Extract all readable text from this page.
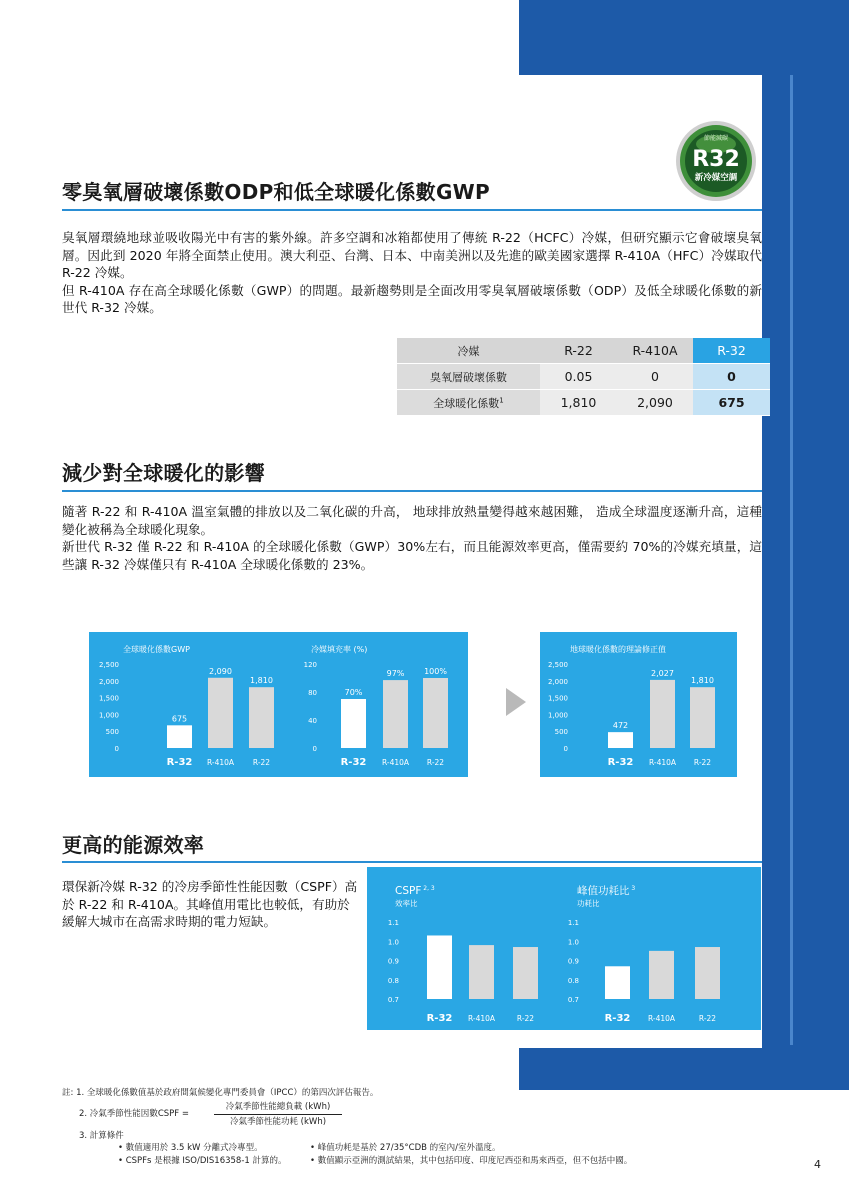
節能減碳
R32
新冷媒空調
零臭氧層破壞係數ODP和低全球暖化係數GWP

臭氧層環繞地球並吸收陽光中有害的紫外線。許多空調和冰箱都使用了傳統 R-22（HCFC）冷媒，但研究顯示它會破壞臭氧層。因此到 2020 年將全面禁止使用。澳大利亞、台灣、日本、中南美洲以及先進的歐美國家選擇 R-410A（HFC）冷媒取代 R-22 冷媒。

但 R-410A 存在高全球暖化係數（GWP）的問題。最新趨勢則是全面改用零臭氧層破壞係數（ODP）及低全球暖化係數的新世代 R-32 冷媒。

冷媒	R-22	R-410A	R-32
臭氧層破壞係數	0.05	0	0
全球暖化係數$^1$	1,810	2,090	675
減少對全球暖化的影響

隨著 R-22 和 R-410A 溫室氣體的排放以及二氧化碳的升高， 地球排放熱量變得越來越困難， 造成全球溫度逐漸升高，這種變化被稱為全球暖化現象。

新世代 R-32 僅 R-22 和 R-410A 的全球暖化係數（GWP）30%左右，而且能源效率更高，僅需要約 70%的冷媒充填量，這些讓 R-32 冷媒僅只有 R-410A 全球暖化係數的 23%。

全球暖化係數GWP
2,500
2,000
1,500
1,000
500
0
675
R-32
2,090
R-410A
1,810
R-22
冷媒填充率 (%)
120
80
40
0
70%
R-32
97%
R-410A
100%
R-22
地球暖化係數的理論修正值
2,500
2,000
1,500
1,000
500
0
472
R-32
2,027
R-410A
1,810
R-22
更高的能源效率

環保新冷媒 R-32 的冷房季節性性能因數（CSPF）高於 R-22 和 R-410A。其峰值用電比也較低，有助於緩解大城市在高需求時期的電力短缺。

CSPF $^{2, 3}$
效率比
1.1
1.0
0.9
0.8
0.7
R-32 R-410A	R-22
峰值功耗比 $^3$
功耗比
1.1
1.0
0.9
0.8
0.7
R-32 R-410A	R-22
註: 1. 全球暖化係數值基於政府間氣候變化專門委員會（IPCC）的第四次評估報告。
2. 冷氣季節性能因數CSPF =
冷氣季節性能總負載 (kWh)
冷氣季節性能功耗 (kWh)
3. 計算條件
• 數值適用於 3.5 kW 分離式冷專型。
• CSPFs 是根據 ISO/DIS16358-1 計算的。
• 峰值功耗是基於 27/35°CDB 的室內/室外溫度。
• 數值顯示亞洲的測試結果，其中包括印度、印度尼西亞和馬來西亞，但不包括中國。	4
